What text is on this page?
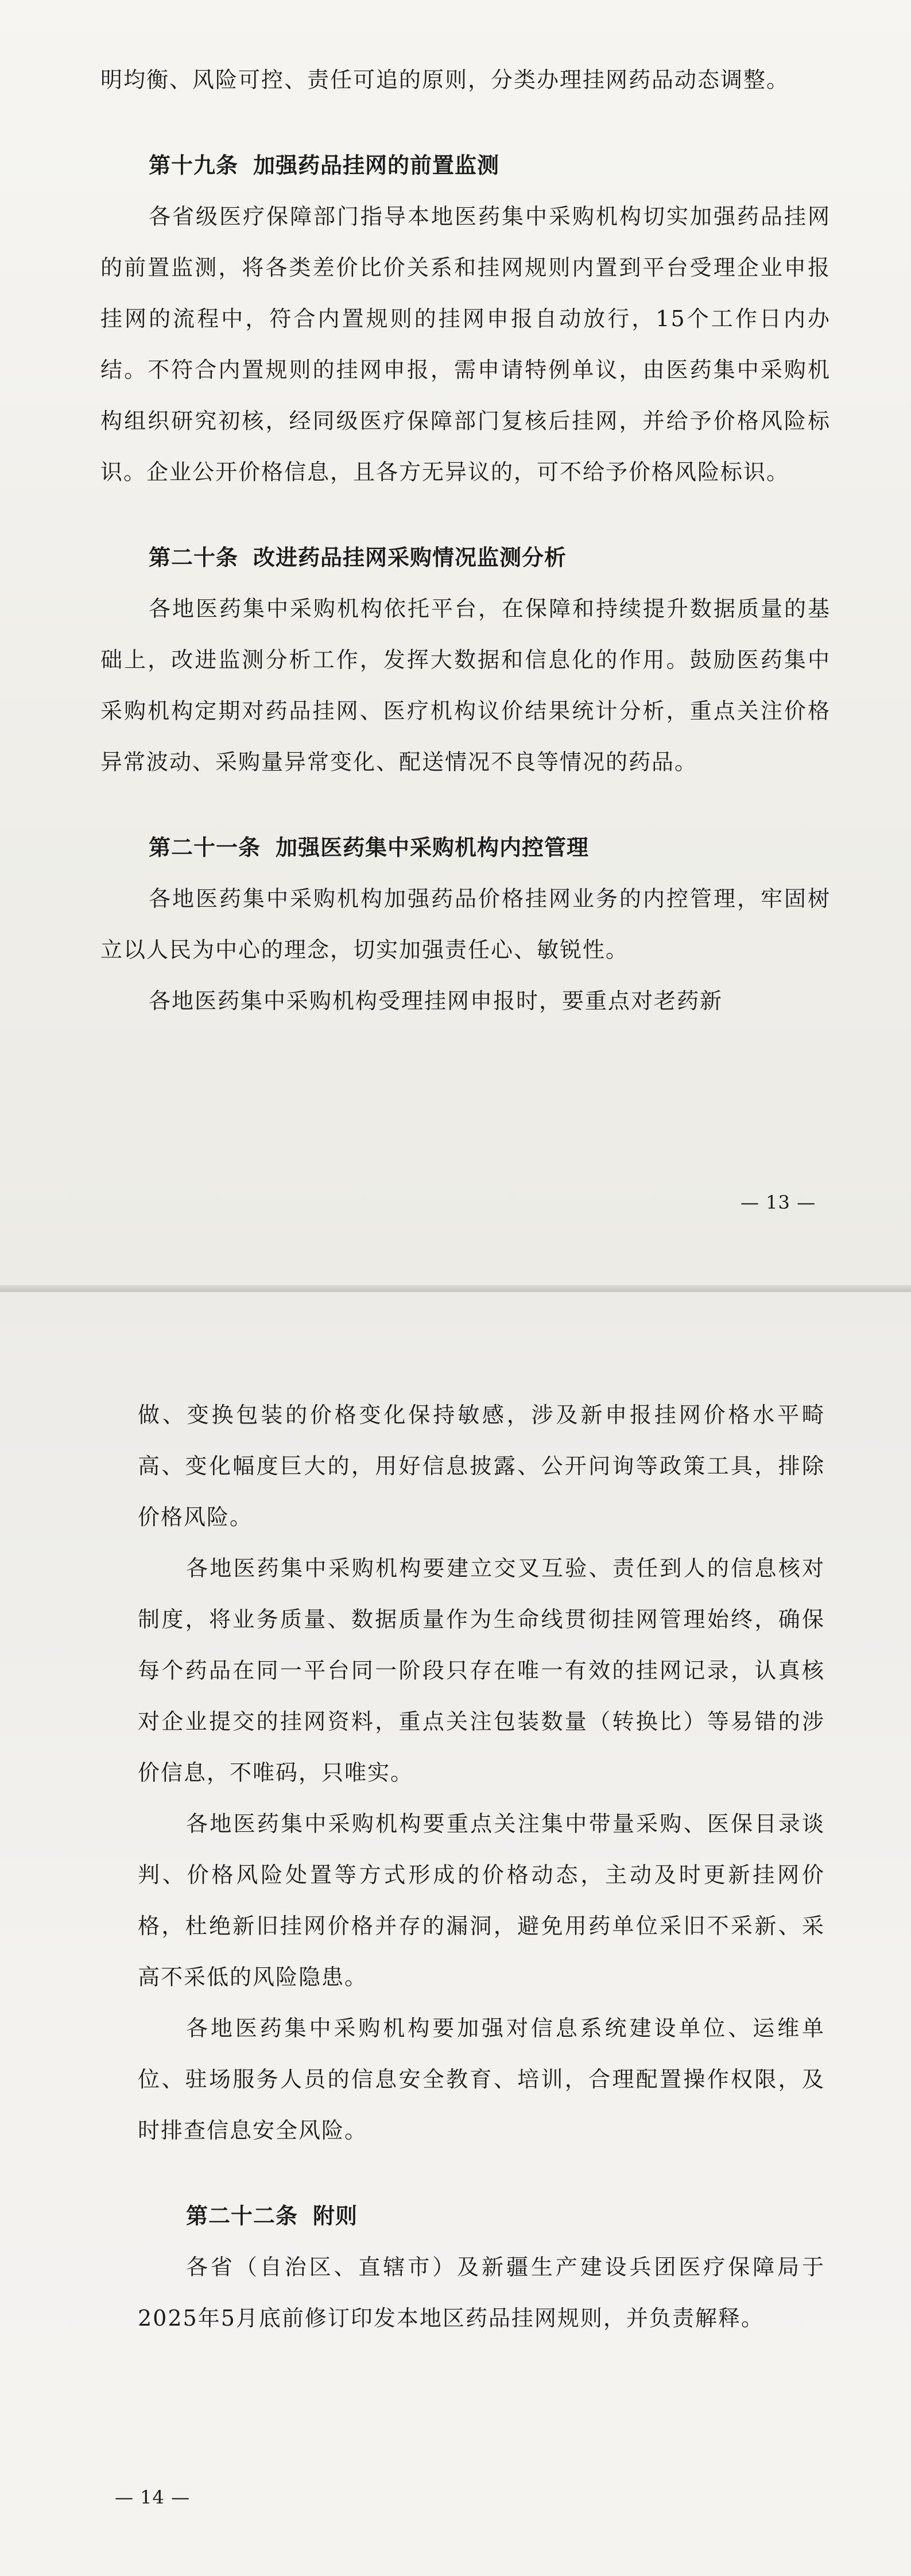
明均衡、风险可控、责任可追的原则，分类办理挂网药品动态调整。

第十九条 加强药品挂网的前置监测

各省级医疗保障部门指导本地医药集中采购机构切实加强药品挂网的前置监测，将各类差价比价关系和挂网规则内置到平台受理企业申报挂网的流程中，符合内置规则的挂网申报自动放行，15个工作日内办结。不符合内置规则的挂网申报，需申请特例单议，由医药集中采购机构组织研究初核，经同级医疗保障部门复核后挂网，并给予价格风险标识。企业公开价格信息，且各方无异议的，可不给予价格风险标识。

第二十条 改进药品挂网采购情况监测分析

各地医药集中采购机构依托平台，在保障和持续提升数据质量的基础上，改进监测分析工作，发挥大数据和信息化的作用。鼓励医药集中采购机构定期对药品挂网、医疗机构议价结果统计分析，重点关注价格异常波动、采购量异常变化、配送情况不良等情况的药品。

第二十一条 加强医药集中采购机构内控管理

各地医药集中采购机构加强药品价格挂网业务的内控管理，牢固树立以人民为中心的理念，切实加强责任心、敏锐性。

各地医药集中采购机构受理挂网申报时，要重点对老药新

— 13 —

做、变换包装的价格变化保持敏感，涉及新申报挂网价格水平畸高、变化幅度巨大的，用好信息披露、公开问询等政策工具，排除价格风险。

各地医药集中采购机构要建立交叉互验、责任到人的信息核对制度，将业务质量、数据质量作为生命线贯彻挂网管理始终，确保每个药品在同一平台同一阶段只存在唯一有效的挂网记录，认真核对企业提交的挂网资料，重点关注包装数量（转换比）等易错的涉价信息，不唯码，只唯实。

各地医药集中采购机构要重点关注集中带量采购、医保目录谈判、价格风险处置等方式形成的价格动态，主动及时更新挂网价格，杜绝新旧挂网价格并存的漏洞，避免用药单位采旧不采新、采高不采低的风险隐患。

各地医药集中采购机构要加强对信息系统建设单位、运维单位、驻场服务人员的信息安全教育、培训，合理配置操作权限，及时排查信息安全风险。

第二十二条 附则

各省（自治区、直辖市）及新疆生产建设兵团医疗保障局于2025年5月底前修订印发本地区药品挂网规则，并负责解释。

— 14 —
